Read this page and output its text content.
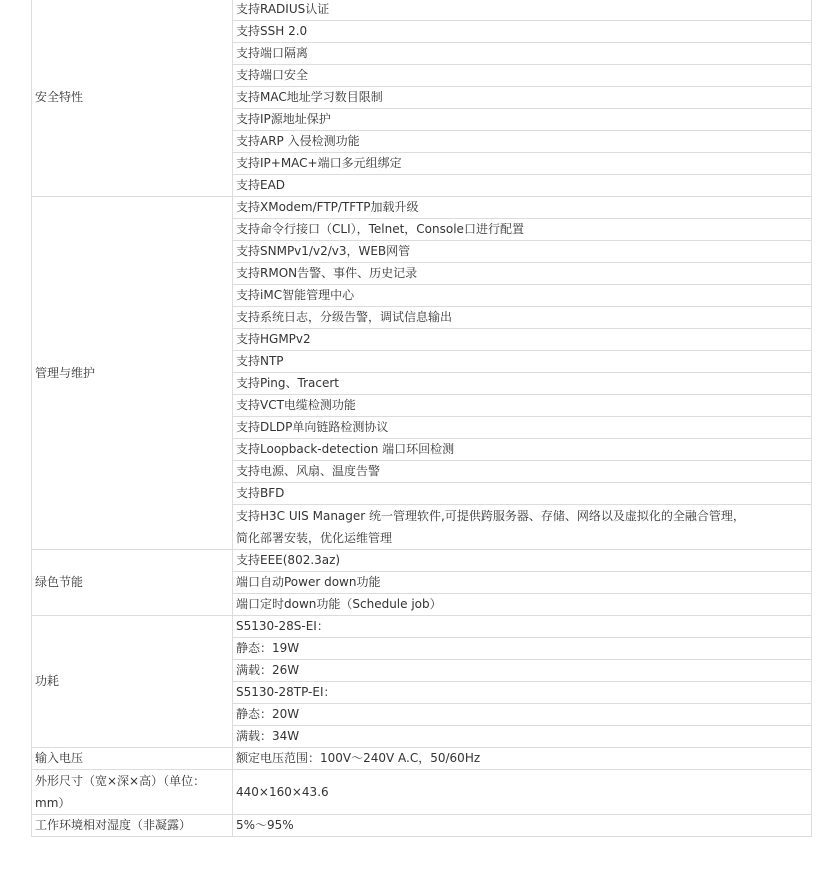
安全特性	支持RADIUS认证
	支持SSH 2.0
	支持端口隔离
	支持端口安全
	支持MAC地址学习数目限制
	支持IP源地址保护
	支持ARP 入侵检测功能
	支持IP+MAC+端口多元组绑定
	支持EAD
管理与维护	支持XModem/FTP/TFTP加载升级
	支持命令行接口（CLI），Telnet，Console口进行配置
	支持SNMPv1/v2/v3，WEB网管
	支持RMON告警、事件、历史记录
	支持iMC智能管理中心
	支持系统日志，分级告警，调试信息输出
	支持HGMPv2
	支持NTP
	支持Ping、Tracert
	支持VCT电缆检测功能
	支持DLDP单向链路检测协议
	支持Loopback-detection 端口环回检测
	支持电源、风扇、温度告警
	支持BFD

	支持H3C UIS Manager 统一管理软件,可提供跨服务器、存储、网络以及虚拟化的全融合管理，
简化部署安装，优化运维管理

绿色节能	支持EEE(802.3az)
	端口自动Power down功能
	端口定时down功能（Schedule job）
功耗	S5130-28S-EI：
	静态：19W
	满载：26W
	S5130-28TP-EI：
	静态：20W
	满载：34W
输入电压	额定电压范围：100V～240V A.C，50/60Hz

外形尺寸（宽×深×高）（单位：
mm）	440×160×43.6
工作环境相对湿度（非凝露）	5%～95%
